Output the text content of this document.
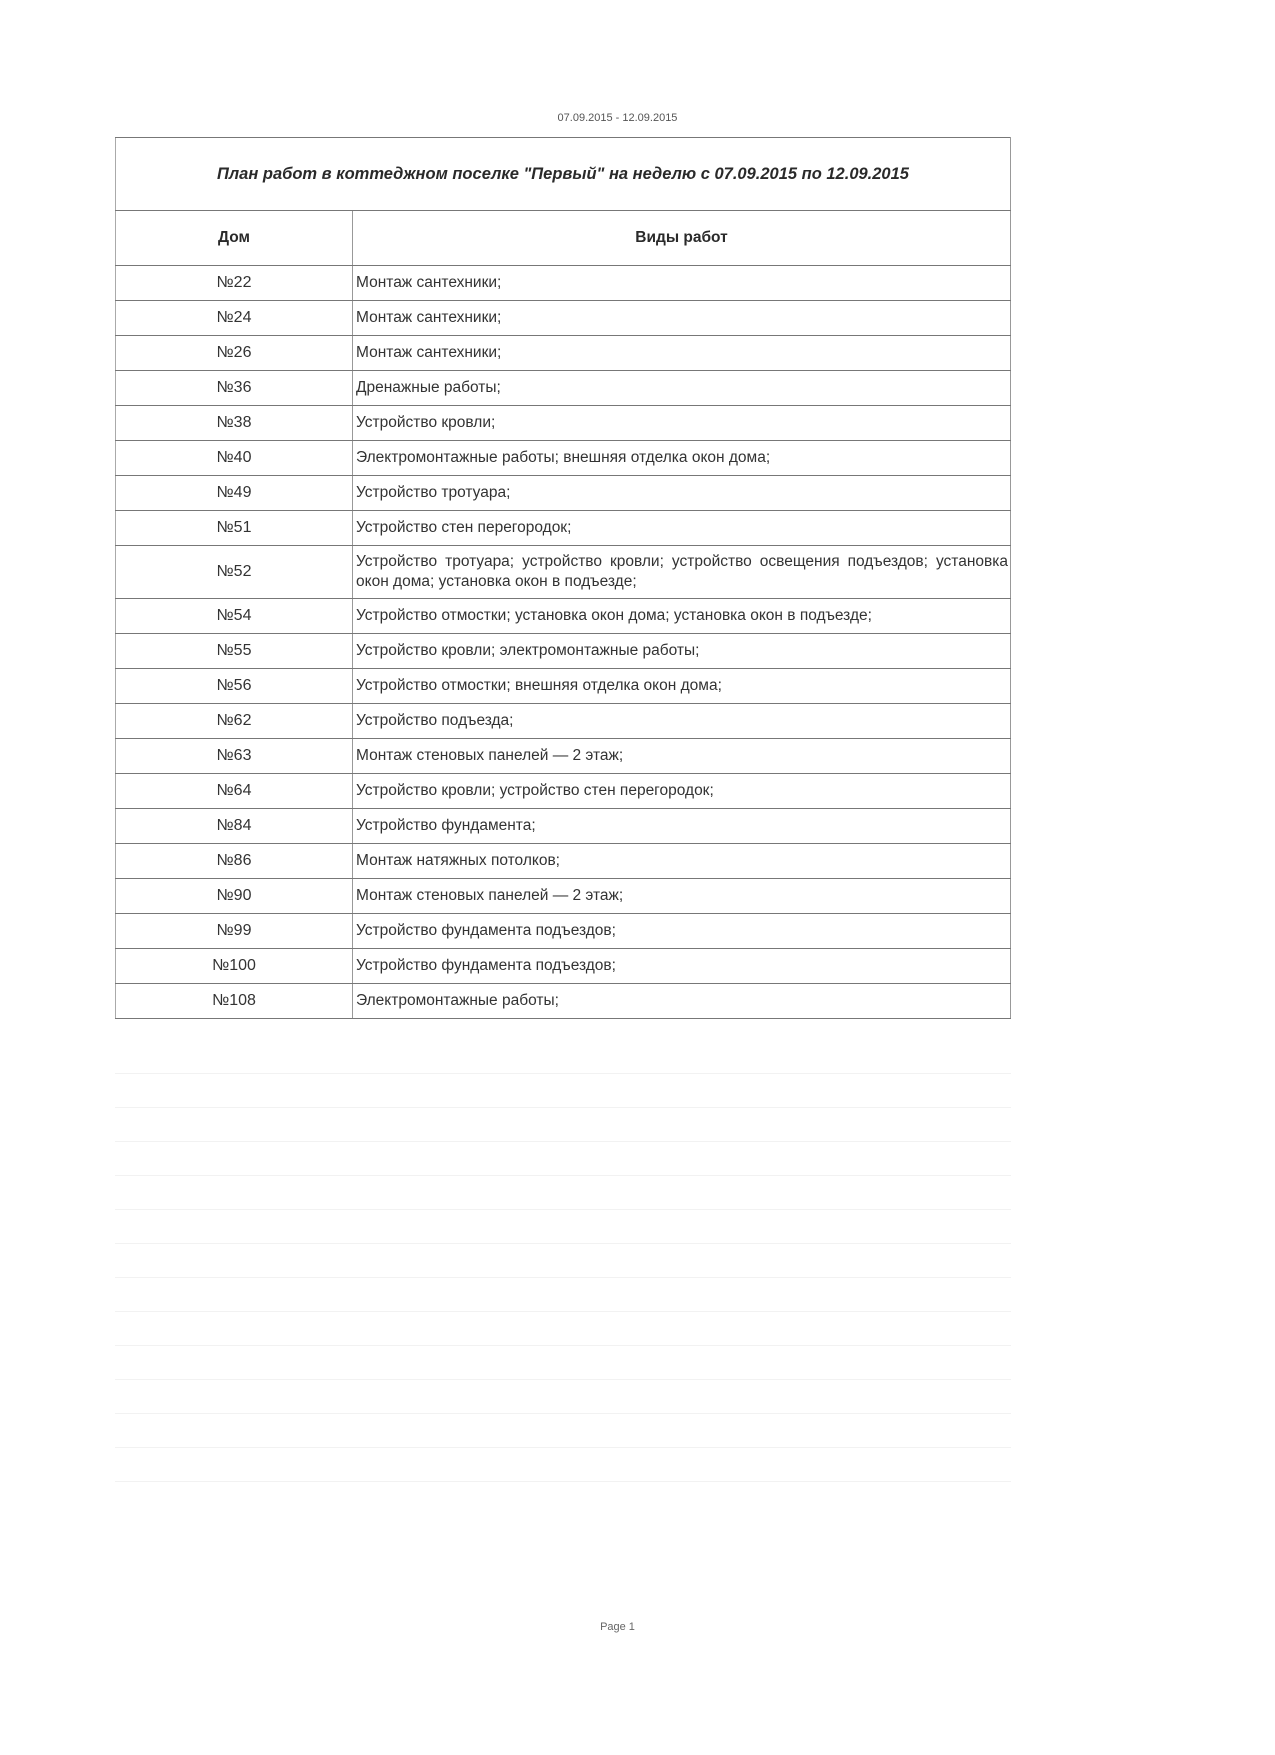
07.09.2015 - 12.09.2015
План работ в коттеджном поселке "Первый" на неделю с 07.09.2015 по 12.09.2015	
Дом	Виды работ
№22	Монтаж сантехники;
№24	Монтаж сантехники;
№26	Монтаж сантехники;
№36	Дренажные работы;
№38	Устройство кровли;
№40	Электромонтажные работы; внешняя отделка окон дома;
№49	Устройство тротуара;
№51	Устройство стен перегородок;
№52	Устройство тротуара; устройство кровли; устройство освещения подъездов; установка окон дома; установка окон в подъезде;
№54	Устройство отмостки; установка окон дома; установка окон в подъезде;
№55	Устройство кровли; электромонтажные работы;
№56	Устройство отмостки; внешняя отделка окон дома;
№62	Устройство подъезда;
№63	Монтаж стеновых панелей — 2 этаж;
№64	Устройство кровли; устройство стен перегородок;
№84	Устройство фундамента;
№86	Монтаж натяжных потолков;
№90	Монтаж стеновых панелей — 2 этаж;
№99	Устройство фундамента подъездов;
№100	Устройство фундамента подъездов;
№108	Электромонтажные работы;
Page 1
